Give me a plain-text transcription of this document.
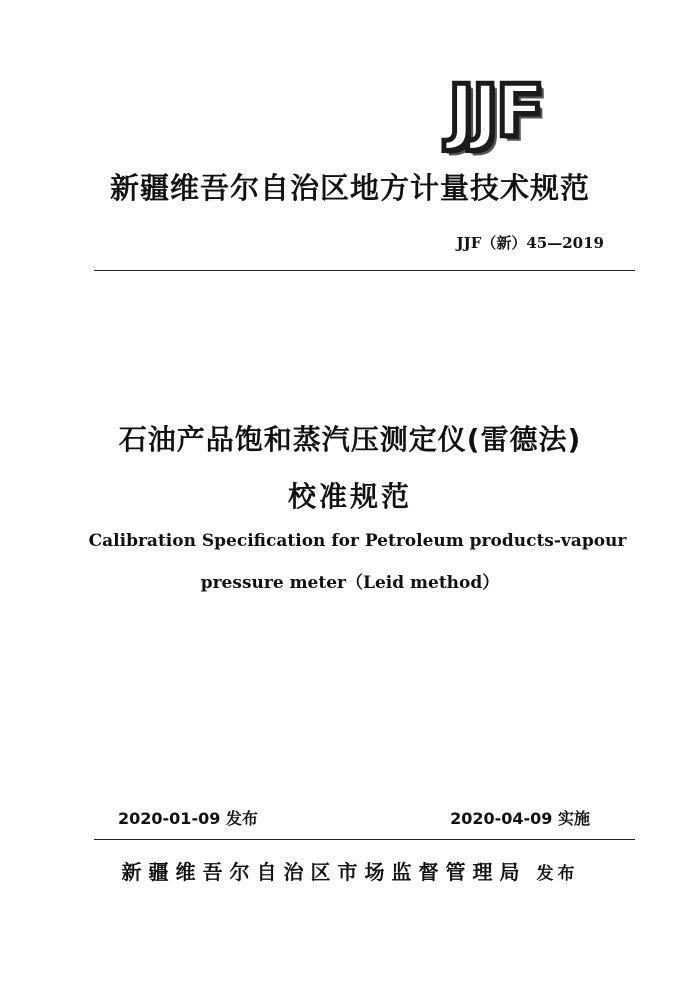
JJF
新疆维吾尔自治区地方计量技术规范
JJF（新）45—2019
石油产品饱和蒸汽压测定仪(雷德法)
校准规范
Calibration Specification for Petroleum products-vapour
pressure meter（Leid method）
2020-01-09 发布	2020-04-09 实施
新疆维吾尔自治区市场监督管理局 发布
